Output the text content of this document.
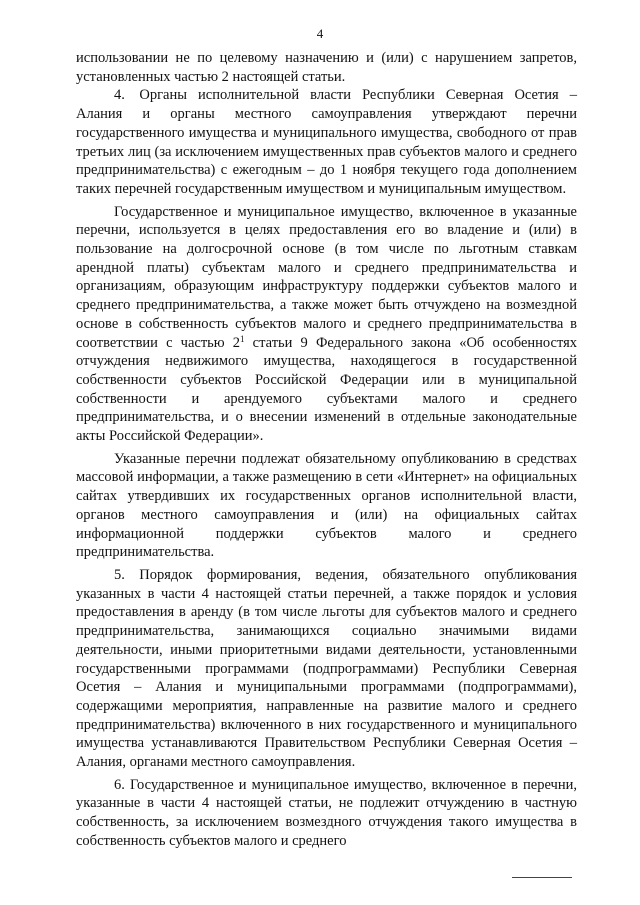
4

использовании не по целевому назначению и (или) с нарушением запретов, установленных частью 2 настоящей статьи.

4. Органы исполнительной власти Республики Северная Осетия – Алания и органы местного самоуправления утверждают перечни государственного имущества и муниципального имущества, свободного от прав третьих лиц (за исключением имущественных прав субъектов малого и среднего предпринимательства) с ежегодным – до 1 ноября текущего года дополнением таких перечней государственным имуществом и муниципальным имуществом.

Государственное и муниципальное имущество, включенное в указанные перечни, используется в целях предоставления его во владение и (или) в пользование на долгосрочной основе (в том числе по льготным ставкам арендной платы) субъектам малого и среднего предпринимательства и организациям, образующим инфраструктуру поддержки субъектов малого и среднего предпринимательства, а также может быть отчуждено на возмездной основе в собственность субъектов малого и среднего предпринимательства в соответствии с частью $2^1$ статьи 9 Федерального закона «Об особенностях отчуждения недвижимого имущества, находящегося в государственной собственности субъектов Российской Федерации или в муниципальной собственности и арендуемого субъектами малого и среднего предпринимательства, и о внесении изменений в отдельные законодательные акты Российской Федерации».

Указанные перечни подлежат обязательному опубликованию в средствах массовой информации, а также размещению в сети «Интернет» на официальных сайтах утвердивших их государственных органов исполнительной власти, органов местного самоуправления и (или) на официальных сайтах информационной поддержки субъектов малого и среднего предпринимательства.

5. Порядок формирования, ведения, обязательного опубликования указанных в части 4 настоящей статьи перечней, а также порядок и условия предоставления в аренду (в том числе льготы для субъектов малого и среднего предпринимательства, занимающихся социально значимыми видами деятельности, иными приоритетными видами деятельности, установленными государственными программами (подпрограммами) Республики Северная Осетия – Алания и муниципальными программами (подпрограммами), содержащими мероприятия, направленные на развитие малого и среднего предпринимательства) включенного в них государственного и муниципального имущества устанавливаются Правительством Республики Северная Осетия – Алания, органами местного самоуправления.

6. Государственное и муниципальное имущество, включенное в перечни, указанные в части 4 настоящей статьи, не подлежит отчуждению в частную собственность, за исключением возмездного отчуждения такого имущества в собственность субъектов малого и среднего
